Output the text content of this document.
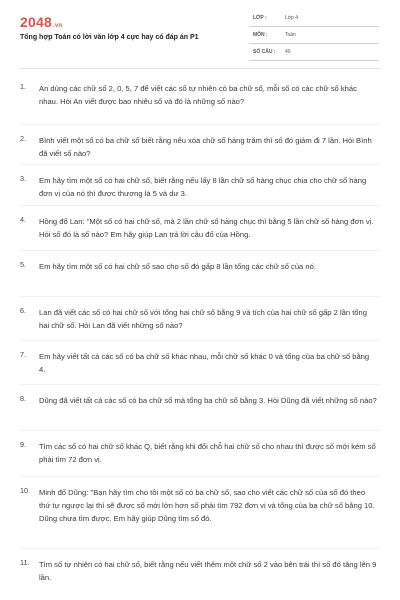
2048.vn
Tổng hợp Toán có lời văn lớp 4 cực hay có đáp án P1
LỚP :	Lớp 4
MÔN :	Toán
SỐ CÂU : 40
1. An dùng các chữ số 2, 0, 5, 7 để viết các số tự nhiên có ba chữ số, mỗi số có các chữ số khác nhau. Hỏi An viết được bao nhiêu số và đó là những số nào?
2. Bình viết một số có ba chữ số biết rằng nếu xóa chữ số hàng trăm thì số đó giảm đi 7 lần. Hỏi Bình đã viết số nào?
3. Em hãy tìm một số có hai chữ số, biết rằng nếu lấy 8 lần chữ số hàng chục chia cho chữ số hàng đơn vị của nó thì được thương là 5 và dư 3.
4. Hồng đố Lan: "Một số có hai chữ số, mà 2 lần chữ số hàng chục thì bằng 5 lần chữ số hàng đơn vị. Hỏi số đó là số nào? Em hãy giúp Lan trả lời câu đố của Hồng.
5. Em hãy tìm một số có hai chữ số sao cho số đó gấp 8 lần tổng các chữ số của nó.
6. Lan đã viết các số có hai chữ số với tổng hai chữ số bằng 9 và tích của hai chữ số gấp 2 lần tổng hai chữ số. Hỏi Lan đã viết những số nào?
7. Em hãy viết tất cả các số có ba chữ số khác nhau, mỗi chữ số khác 0 và tổng của ba chữ số bằng 4.
8. Dũng đã viết tất cả các số có ba chữ số mà tổng ba chữ số bằng 3. Hỏi Dũng đã viết những số nào?
9. Tìm các số có hai chữ số khác Q, biết rằng khi đổi chỗ hai chữ số cho nhau thì được số mới kém số phải tìm 72 đơn vị.
10. Minh đố Dũng: "Bạn hãy tìm cho tôi một số có ba chữ số, sao cho viết các chữ số của số đó theo thứ tự ngược lại thì sẽ được số mới lớn hơn số phải tìm 792 đơn vị và tổng của ba chữ số bằng 10. Dũng chưa tìm được. Em hãy giúp Dũng tìm số đó.
11. Tìm số tự nhiên có hai chữ số, biết rằng nếu viết thêm một chữ số 2 vào bên trái thì số đó tăng lên 9 lần.
